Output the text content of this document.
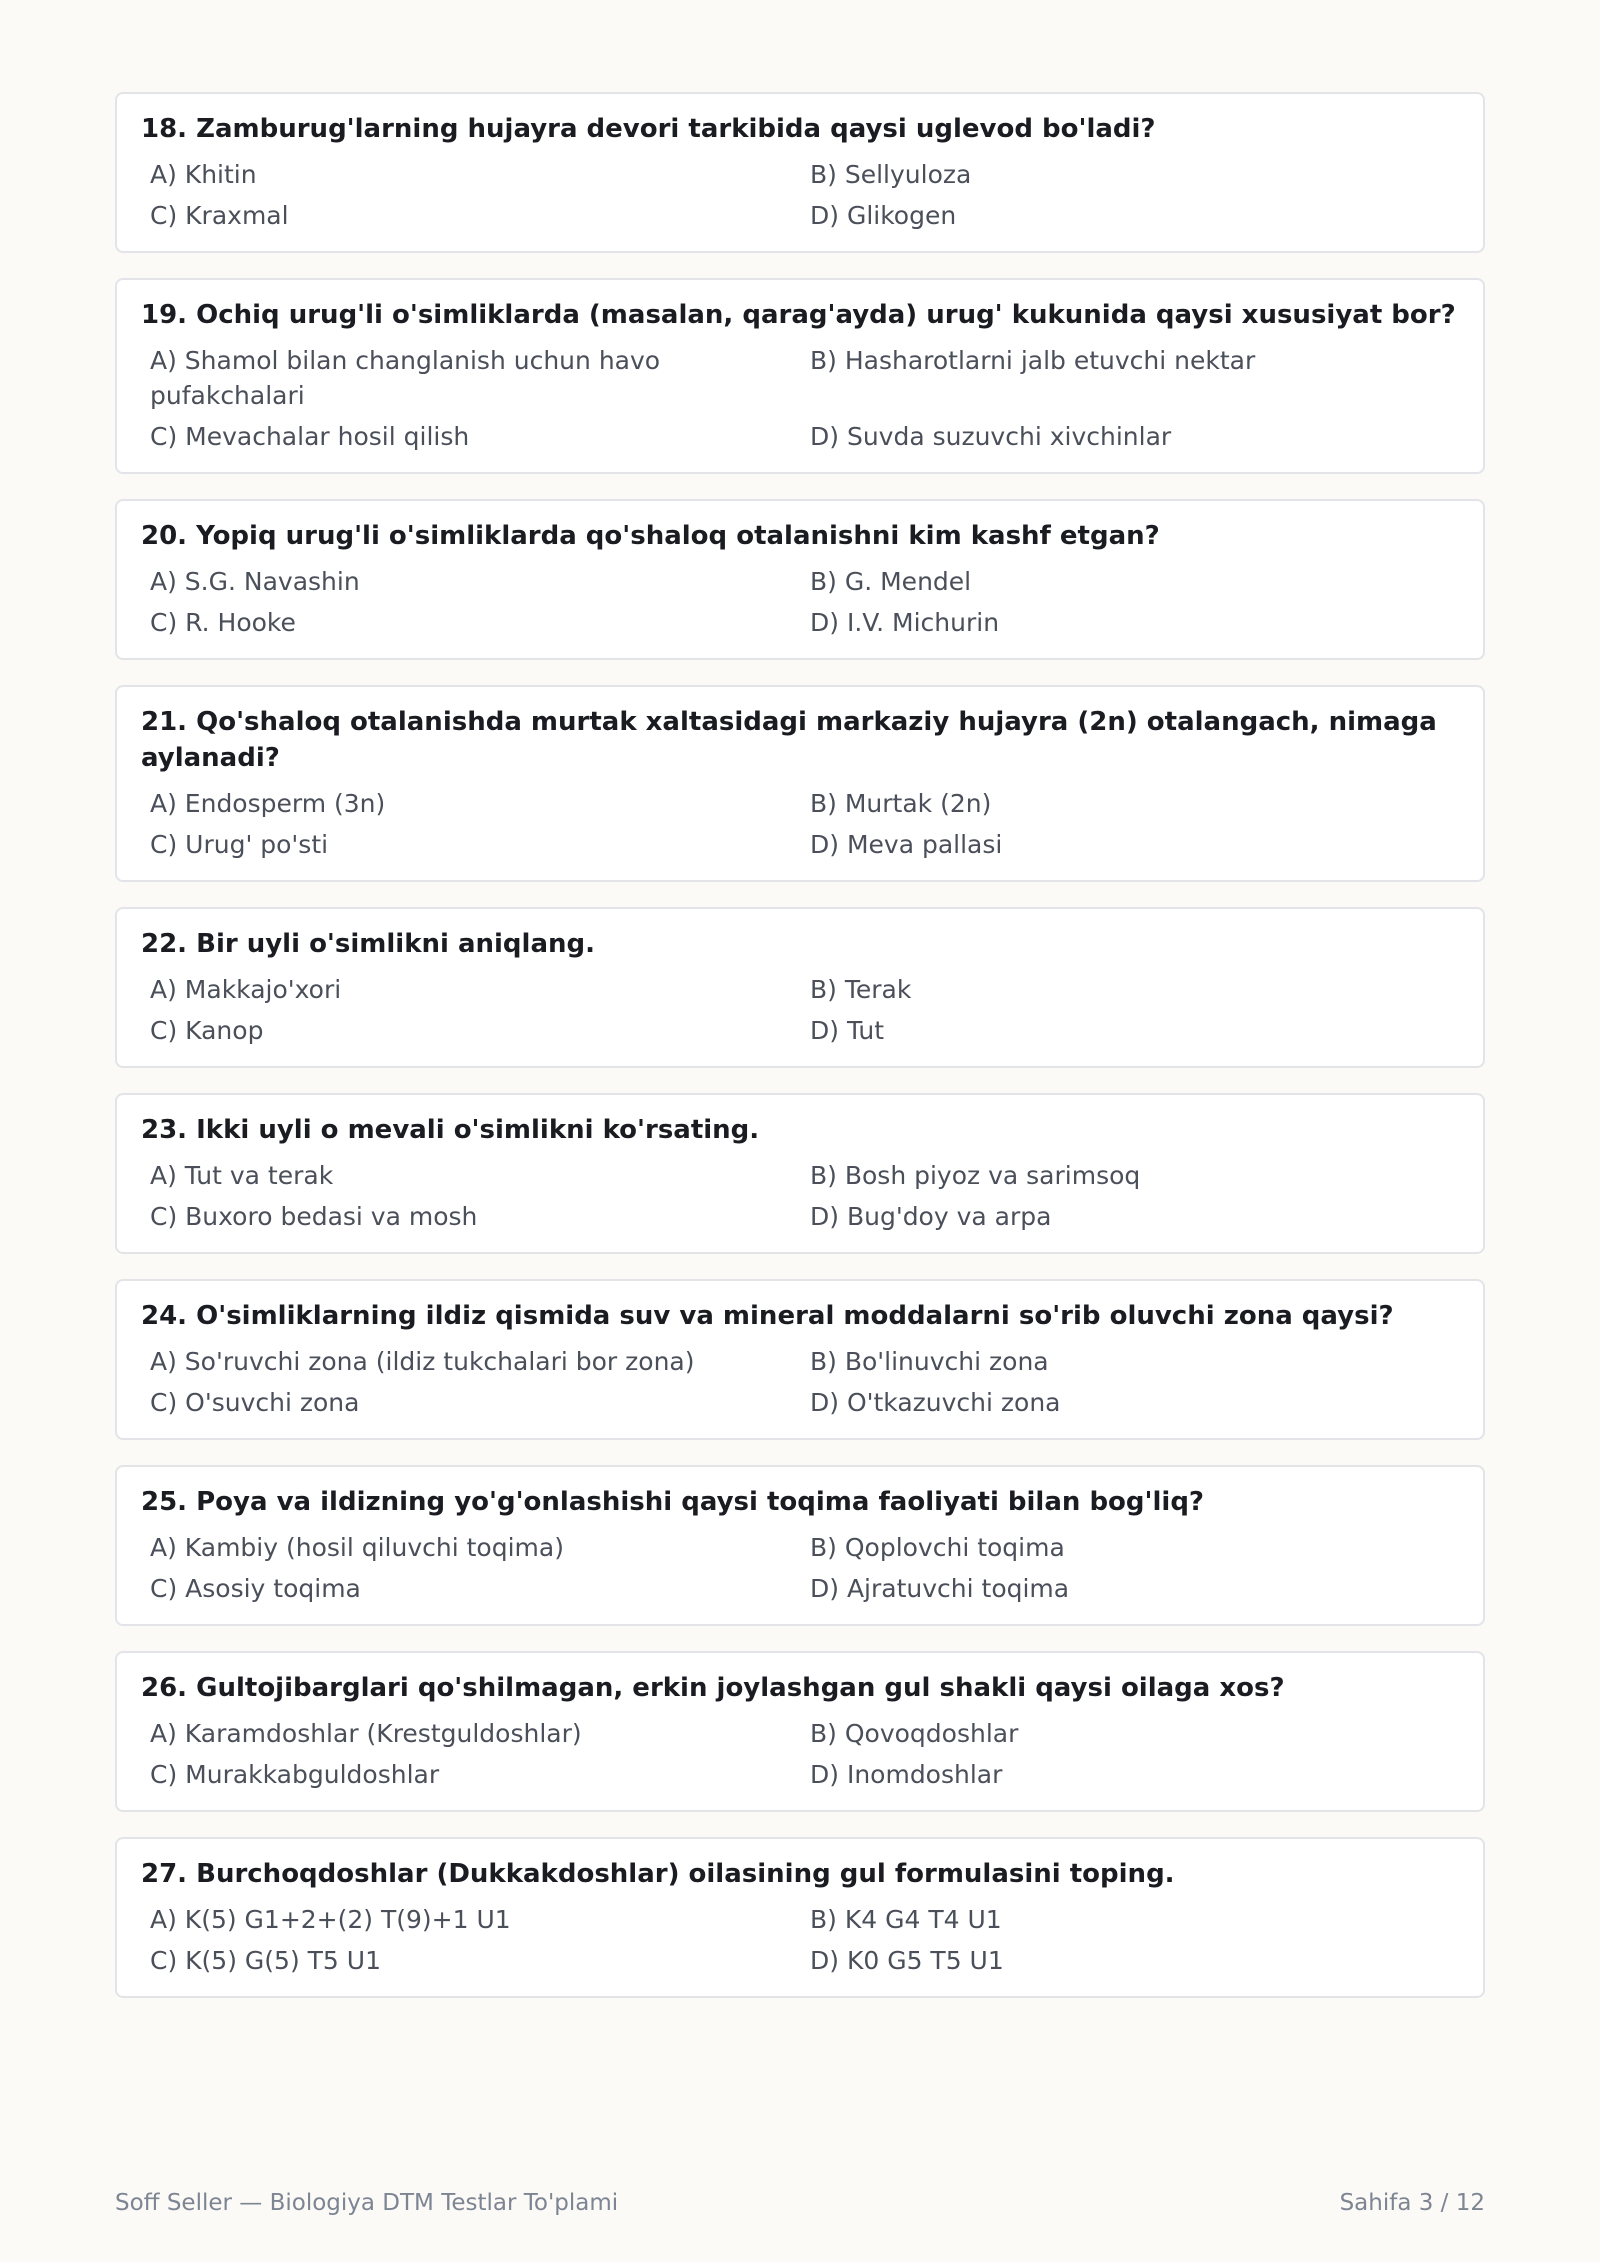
18. Zamburug'larning hujayra devori tarkibida qaysi uglevod bo'ladi?
A) Khitin	B) Sellyuloza
C) Kraxmal	D) Glikogen
19. Ochiq urug'li o'simliklarda (masalan, qarag'ayda) urug' kukunida qaysi xususiyat bor?
A) Shamol bilan changlanish uchun havo pufakchalari
B) Hasharotlarni jalb etuvchi nektar
C) Mevachalar hosil qilish	D) Suvda suzuvchi xivchinlar
20. Yopiq urug'li o'simliklarda qo'shaloq otalanishni kim kashf etgan?
A) S.G. Navashin	B) G. Mendel
C) R. Hooke	D) I.V. Michurin
21. Qo'shaloq otalanishda murtak xaltasidagi markaziy hujayra (2n) otalangach, nimaga aylanadi?
A) Endosperm (3n)	B) Murtak (2n)
C) Urug' po'sti	D) Meva pallasi
22. Bir uyli o'simlikni aniqlang.
A) Makkajo'xori	B) Terak
C) Kanop	D) Tut
23. Ikki uyli o mevali o'simlikni ko'rsating.
A) Tut va terak	B) Bosh piyoz va sarimsoq
C) Buxoro bedasi va mosh	D) Bug'doy va arpa
24. O'simliklarning ildiz qismida suv va mineral moddalarni so'rib oluvchi zona qaysi?
A) So'ruvchi zona (ildiz tukchalari bor zona)	B) Bo'linuvchi zona
C) O'suvchi zona	D) O'tkazuvchi zona
25. Poya va ildizning yo'g'onlashishi qaysi toqima faoliyati bilan bog'liq?
A) Kambiy (hosil qiluvchi toqima)	B) Qoplovchi toqima
C) Asosiy toqima	D) Ajratuvchi toqima
26. Gultojibarglari qo'shilmagan, erkin joylashgan gul shakli qaysi oilaga xos?
A) Karamdoshlar (Krestguldoshlar)	B) Qovoqdoshlar
C) Murakkabguldoshlar	D) Inomdoshlar
27. Burchoqdoshlar (Dukkakdoshlar) oilasining gul formulasini toping.
A) K(5) G1+2+(2) T(9)+1 U1	B) K4 G4 T4 U1
C) K(5) G(5) T5 U1	D) K0 G5 T5 U1
Soff Seller — Biologiya DTM Testlar To'plami	Sahifa 3 / 12
